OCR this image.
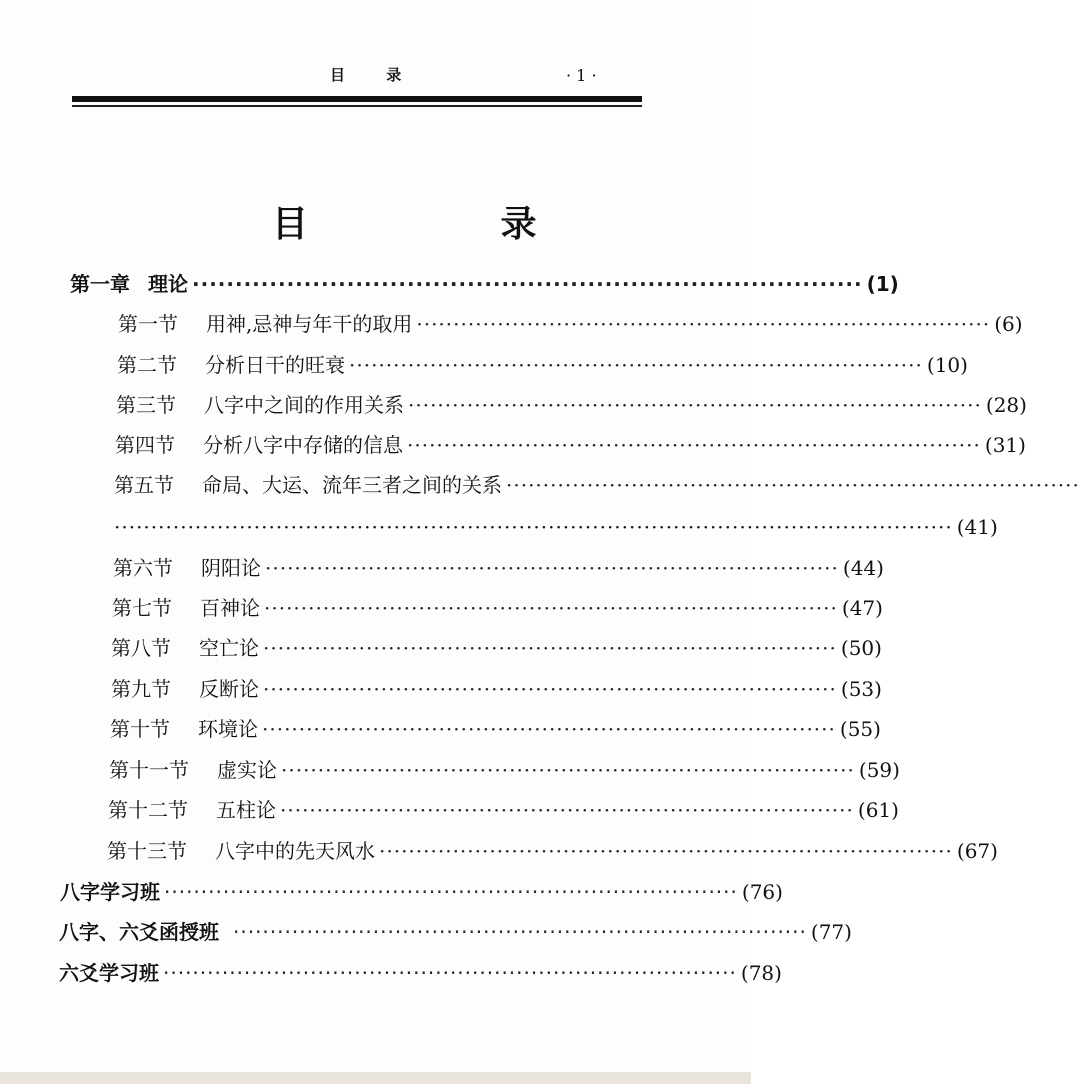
目 录	· 1 ·
目 录
第一章 理论 ·············································································· (1)
第一节 用神,忌神与年干的取用 ·············································································· (6)
第二节 分析日干的旺衰 ·············································································· (10)
第三节 八字中之间的作用关系 ·············································································· (28)
第四节 分析八字中存储的信息 ·············································································· (31)
第五节 命局、大运、流年三者之间的关系 ··············································································
·················································································································· (41)
第六节 阴阳论 ·············································································· (44)
第七节 百神论 ·············································································· (47)
第八节 空亡论 ·············································································· (50)
第九节 反断论 ·············································································· (53)
第十节 环境论 ·············································································· (55)
第十一节 虚实论 ·············································································· (59)
第十二节 五柱论 ·············································································· (61)
第十三节 八字中的先天风水 ·············································································· (67)
八字学习班 ·············································································· (76)
八字、六爻函授班 ·············································································· (77)
六爻学习班 ·············································································· (78)
